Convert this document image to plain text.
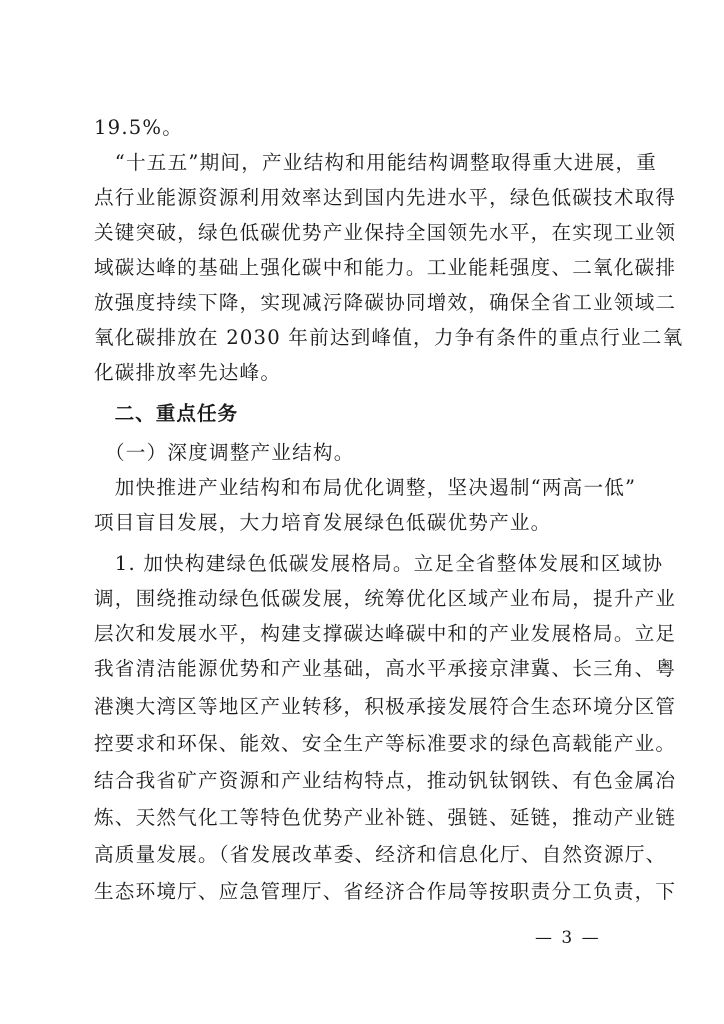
19.5%。
　“十五五”期间，产业结构和用能结构调整取得重大进展，重
点行业能源资源利用效率达到国内先进水平，绿色低碳技术取得
关键突破，绿色低碳优势产业保持全国领先水平，在实现工业领
域碳达峰的基础上强化碳中和能力。工业能耗强度、二氧化碳排
放强度持续下降，实现减污降碳协同增效，确保全省工业领域二
氧化碳排放在 2030 年前达到峰值，力争有条件的重点行业二氧
化碳排放率先达峰。
　二、重点任务
　（一）深度调整产业结构。
　加快推进产业结构和布局优化调整，坚决遏制“两高一低”
项目盲目发展，大力培育发展绿色低碳优势产业。
　1. 加快构建绿色低碳发展格局。立足全省整体发展和区域协
调，围绕推动绿色低碳发展，统筹优化区域产业布局，提升产业
层次和发展水平，构建支撑碳达峰碳中和的产业发展格局。立足
我省清洁能源优势和产业基础，高水平承接京津冀、长三角、粤
港澳大湾区等地区产业转移，积极承接发展符合生态环境分区管
控要求和环保、能效、安全生产等标准要求的绿色高载能产业。
结合我省矿产资源和产业结构特点，推动钒钛钢铁、有色金属冶
炼、天然气化工等特色优势产业补链、强链、延链，推动产业链
高质量发展。（省发展改革委、经济和信息化厅、自然资源厅、
生态环境厅、应急管理厅、省经济合作局等按职责分工负责，下
— 3 —
